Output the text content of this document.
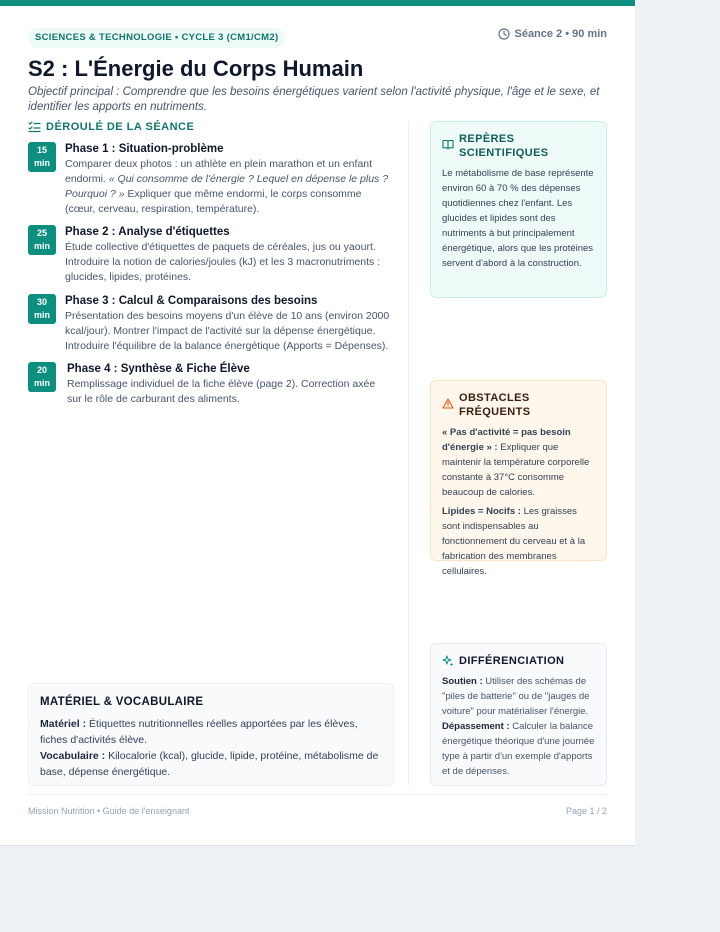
SCIENCES & TECHNOLOGIE • CYCLE 3 (CM1/CM2)	Séance 2 • 90 min
S2 : L'Énergie du Corps Humain

Objectif principal : Comprendre que les besoins énergétiques varient selon l'activité physique, l'âge et le sexe, et identifier les apports en nutriments.

DÉROULÉ DE LA SÉANCE
15
min
Phase 1 : Situation-problème
Comparer deux photos : un athlète en plein marathon et un enfant endormi. « Qui consomme de l'énergie ? Lequel en dépense le plus ? Pourquoi ? » Expliquer que même endormi, le corps consomme (cœur, cerveau, respiration, température).
25
min
Phase 2 : Analyse d'étiquettes
Étude collective d'étiquettes de paquets de céréales, jus ou yaourt. Introduire la notion de calories/joules (kJ) et les 3 macronutriments : glucides, lipides, protéines.
30
min
Phase 3 : Calcul & Comparaisons des besoins
Présentation des besoins moyens d'un élève de 10 ans (environ 2000 kcal/jour). Montrer l'impact de l'activité sur la dépense énergétique. Introduire l'équilibre de la balance énergétique (Apports = Dépenses).
20
min
Phase 4 : Synthèse & Fiche Élève
Remplissage individuel de la fiche élève (page 2). Correction axée sur le rôle de carburant des aliments.
REPÈRES SCIENTIFIQUES
Le métabolisme de base représente environ 60 à 70 % des dépenses quotidiennes chez l'enfant. Les glucides et lipides sont des nutriments à but principalement énergétique, alors que les protéines servent d'abord à la construction.
OBSTACLES FRÉQUENTS

« Pas d'activité = pas besoin d'énergie » : Expliquer que maintenir la température corporelle constante à 37°C consomme beaucoup de calories.

Lipides = Nocifs : Les graisses sont indispensables au fonctionnement du cerveau et à la fabrication des membranes cellulaires.

DIFFÉRENCIATION
Soutien : Utiliser des schémas de "piles de batterie" ou de "jauges de voiture" pour matérialiser l'énergie.
Dépassement : Calculer la balance énergétique théorique d'une journée type à partir d'un exemple d'apports et de dépenses.
MATÉRIEL & VOCABULAIRE
Matériel : Étiquettes nutritionnelles réelles apportées par les élèves, fiches d'activités élève.
Vocabulaire : Kilocalorie (kcal), glucide, lipide, protéine, métabolisme de base, dépense énergétique.
Mission Nutrition • Guide de l'enseignant	Page 1 / 2
